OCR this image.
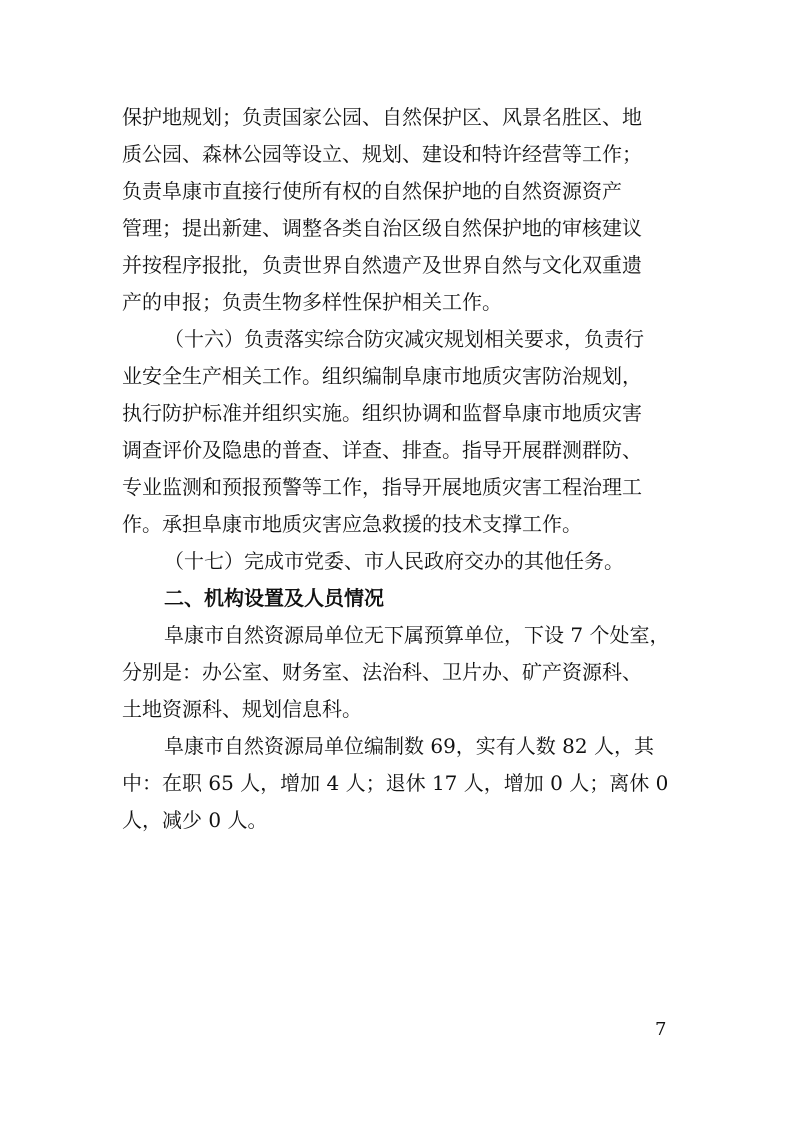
保护地规划；负责国家公园、自然保护区、风景名胜区、地
质公园、森林公园等设立、规划、建设和特许经营等工作；
负责阜康市直接行使所有权的自然保护地的自然资源资产
管理；提出新建、调整各类自治区级自然保护地的审核建议
并按程序报批，负责世界自然遗产及世界自然与文化双重遗
产的申报；负责生物多样性保护相关工作。
（十六）负责落实综合防灾减灾规划相关要求，负责行
业安全生产相关工作。组织编制阜康市地质灾害防治规划，
执行防护标准并组织实施。组织协调和监督阜康市地质灾害
调查评价及隐患的普查、详查、排查。指导开展群测群防、
专业监测和预报预警等工作，指导开展地质灾害工程治理工
作。承担阜康市地质灾害应急救援的技术支撑工作。
（十七）完成市党委、市人民政府交办的其他任务。
二、机构设置及人员情况
阜康市自然资源局单位无下属预算单位，下设 7 个处室，
分别是：办公室、财务室、法治科、卫片办、矿产资源科、
土地资源科、规划信息科。
阜康市自然资源局单位编制数 69，实有人数 82 人，其
中：在职 65 人，增加 4 人；退休 17 人，增加 0 人；离休 0
人，减少 0 人。
7
